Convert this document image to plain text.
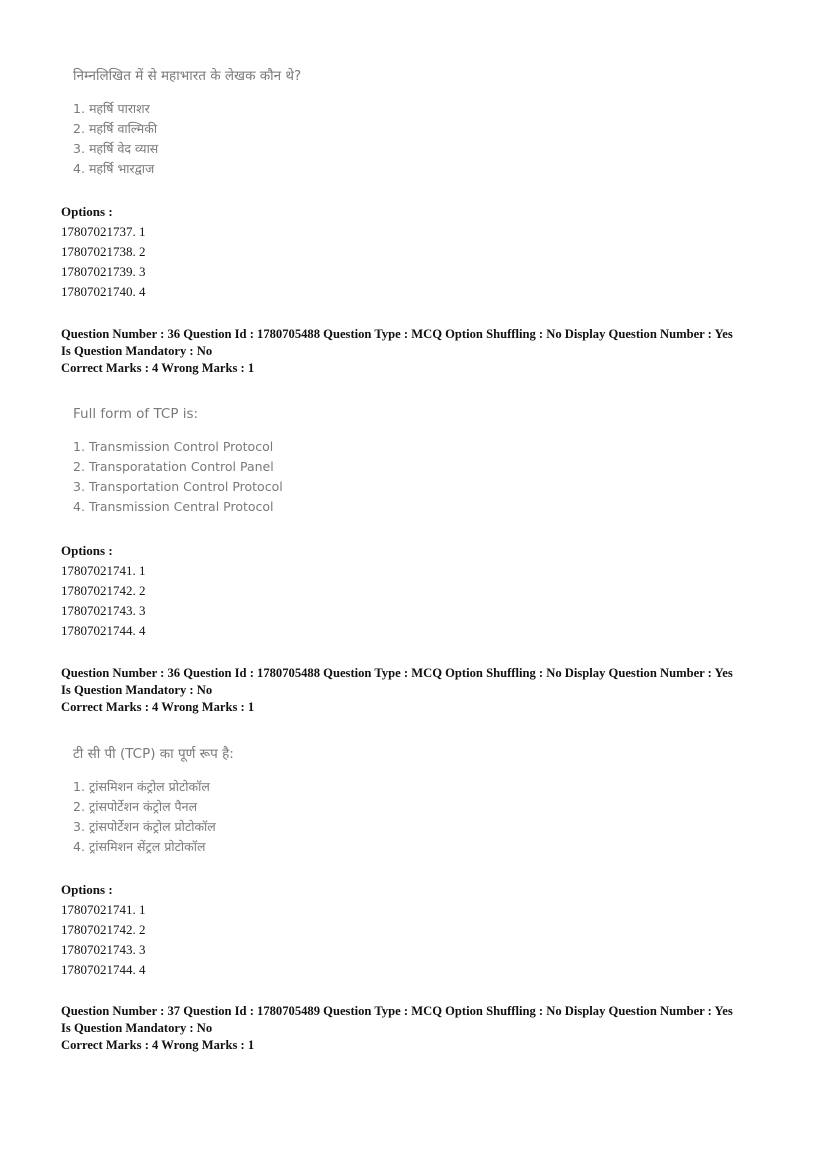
निम्नलिखित में से महाभारत के लेखक कौन थे?
1. महर्षि पाराशर
2. महर्षि वाल्मिकी
3. महर्षि वेद व्यास
4. महर्षि भारद्वाज
Options :
17807021737. 1
17807021738. 2
17807021739. 3
17807021740. 4
Question Number : 36 Question Id : 1780705488 Question Type : MCQ Option Shuffling : No Display Question Number : Yes
Is Question Mandatory : No
Correct Marks : 4 Wrong Marks : 1
Full form of TCP is:
1. Transmission Control Protocol
2. Transporatation Control Panel
3. Transportation Control Protocol
4. Transmission Central Protocol
Options :
17807021741. 1
17807021742. 2
17807021743. 3
17807021744. 4
Question Number : 36 Question Id : 1780705488 Question Type : MCQ Option Shuffling : No Display Question Number : Yes
Is Question Mandatory : No
Correct Marks : 4 Wrong Marks : 1
टी सी पी (TCP) का पूर्ण रूप है:
1. ट्रांसमिशन कंट्रोल प्रोटोकॉल
2. ट्रांसपोर्टेशन कंट्रोल पैनल
3. ट्रांसपोर्टेशन कंट्रोल प्रोटोकॉल
4. ट्रांसमिशन सेंट्रल प्रोटोकॉल
Options :
17807021741. 1
17807021742. 2
17807021743. 3
17807021744. 4
Question Number : 37 Question Id : 1780705489 Question Type : MCQ Option Shuffling : No Display Question Number : Yes
Is Question Mandatory : No
Correct Marks : 4 Wrong Marks : 1
